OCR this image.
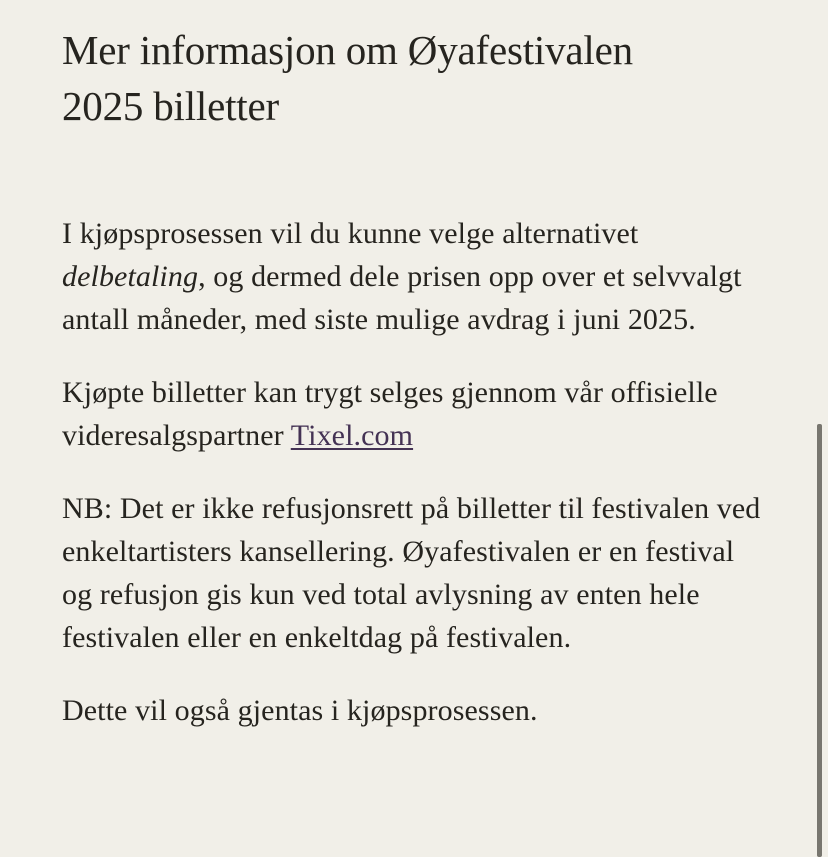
Mer informasjon om Øyafestivalen 2025 billetter

I kjøpsprosessen vil du kunne velge alternativet delbetaling, og dermed dele prisen opp over et selvvalgt antall måneder, med siste mulige avdrag i juni 2025.

Kjøpte billetter kan trygt selges gjennom vår offisielle videresalgspartner Tixel.com

NB: Det er ikke refusjonsrett på billetter til festivalen ved enkeltartisters kansellering. Øyafestivalen er en festival og refusjon gis kun ved total avlysning av enten hele festivalen eller en enkeltdag på festivalen.

Dette vil også gjentas i kjøpsprosessen.
